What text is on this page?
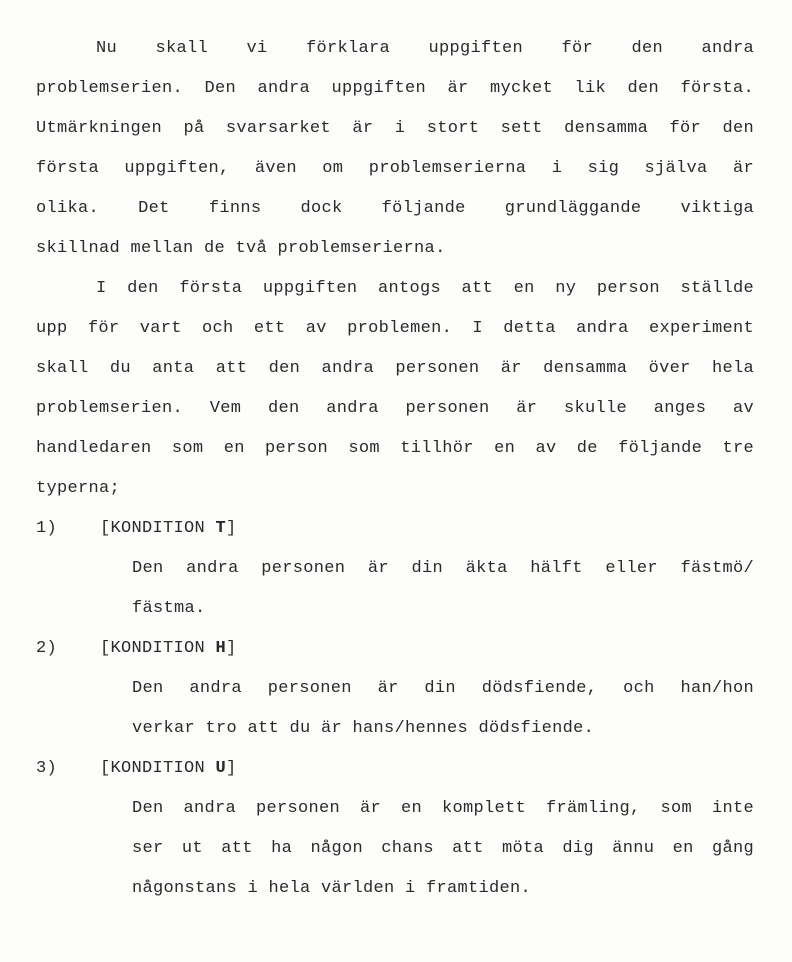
Nu skall vi förklara uppgiften för den andra
problemserien. Den andra uppgiften är mycket lik den första.
Utmärkningen på svarsarket är i stort sett densamma för den
första uppgiften, även om problemserierna i sig själva är
olika. Det finns dock följande grundläggande viktiga
skillnad mellan de två problemserierna.
I den första uppgiften antogs att en ny person ställde
upp för vart och ett av problemen. I detta andra experiment
skall du anta att den andra personen är densamma över hela
problemserien. Vem den andra personen är skulle anges av
handledaren som en person som tillhör en av de följande tre
typerna;
1)	[KONDITION T]
Den andra personen är din äkta hälft eller fästmö/
fästma.
2)	[KONDITION H]
Den andra personen är din dödsfiende, och han/hon
verkar tro att du är hans/hennes dödsfiende.
3)	[KONDITION U]
Den andra personen är en komplett främling, som inte
ser ut att ha någon chans att möta dig ännu en gång
någonstans i hela världen i framtiden.
